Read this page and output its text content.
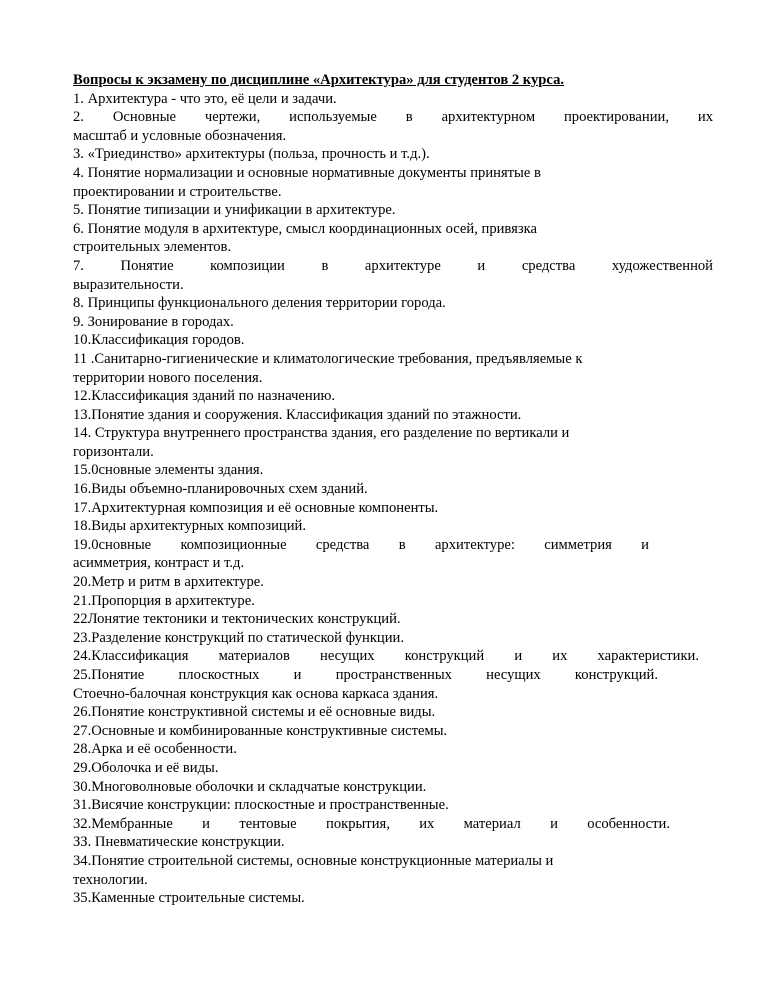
Вопросы к экзамену по дисциплине «Архитектура» для студентов 2 курса.
1. Архитектура - что это, её цели и задачи.
2. Основные чертежи, используемые в архитектурном проектировании, их
масштаб и условные обозначения.
3. «Триединство» архитектуры (польза, прочность и т.д.).
4. Понятие нормализации и основные нормативные документы принятые в
проектировании и строительстве.
5. Понятие типизации и унификации в архитектуре.
6. Понятие модуля в архитектуре, смысл координационных осей, привязка
строительных элементов.
7. Понятие композиции в архитектуре и средства художественной
выразительности.
8. Принципы функционального деления территории города.
9. Зонирование в городах.
10.Классификация городов.
11 .Санитарно-гигиенические и климатологические требования, предъявляемые к
территории нового поселения.
12.Классификация зданий по назначению.
13.Понятие здания и сооружения. Классификация зданий по этажности.
14. Структура внутреннего пространства здания, его разделение по вертикали и
горизонтали.
15.0сновные элементы здания.
16.Виды объемно-планировочных схем зданий.
17.Архитектурная композиция и её основные компоненты.
18.Виды архитектурных композиций.
19.0сновные композиционные средства в архитектуре: симметрия и
асимметрия, контраст и т.д.
20.Метр и ритм в архитектуре.
21.Пропорция в архитектуре.
22Лонятие тектоники и тектонических конструкций.
23.Разделение конструкций по статической функции.
24.Классификация материалов несущих конструкций и их характеристики.
25.Понятие плоскостных и пространственных несущих конструкций.
Стоечно-балочная конструкция как основа каркаса здания.
26.Понятие конструктивной системы и её основные виды.
27.Основные и комбинированные конструктивные системы.
28.Арка и её особенности.
29.Оболочка и её виды.
30.Многоволновые оболочки и складчатые конструкции.
31.Висячие конструкции: плоскостные и пространственные.
32.Мембранные и тентовые покрытия, их материал и особенности.
ЗЗ. Пневматические конструкции.
34.Понятие строительной системы, основные конструкционные материалы и
технологии.
35.Каменные строительные системы.
